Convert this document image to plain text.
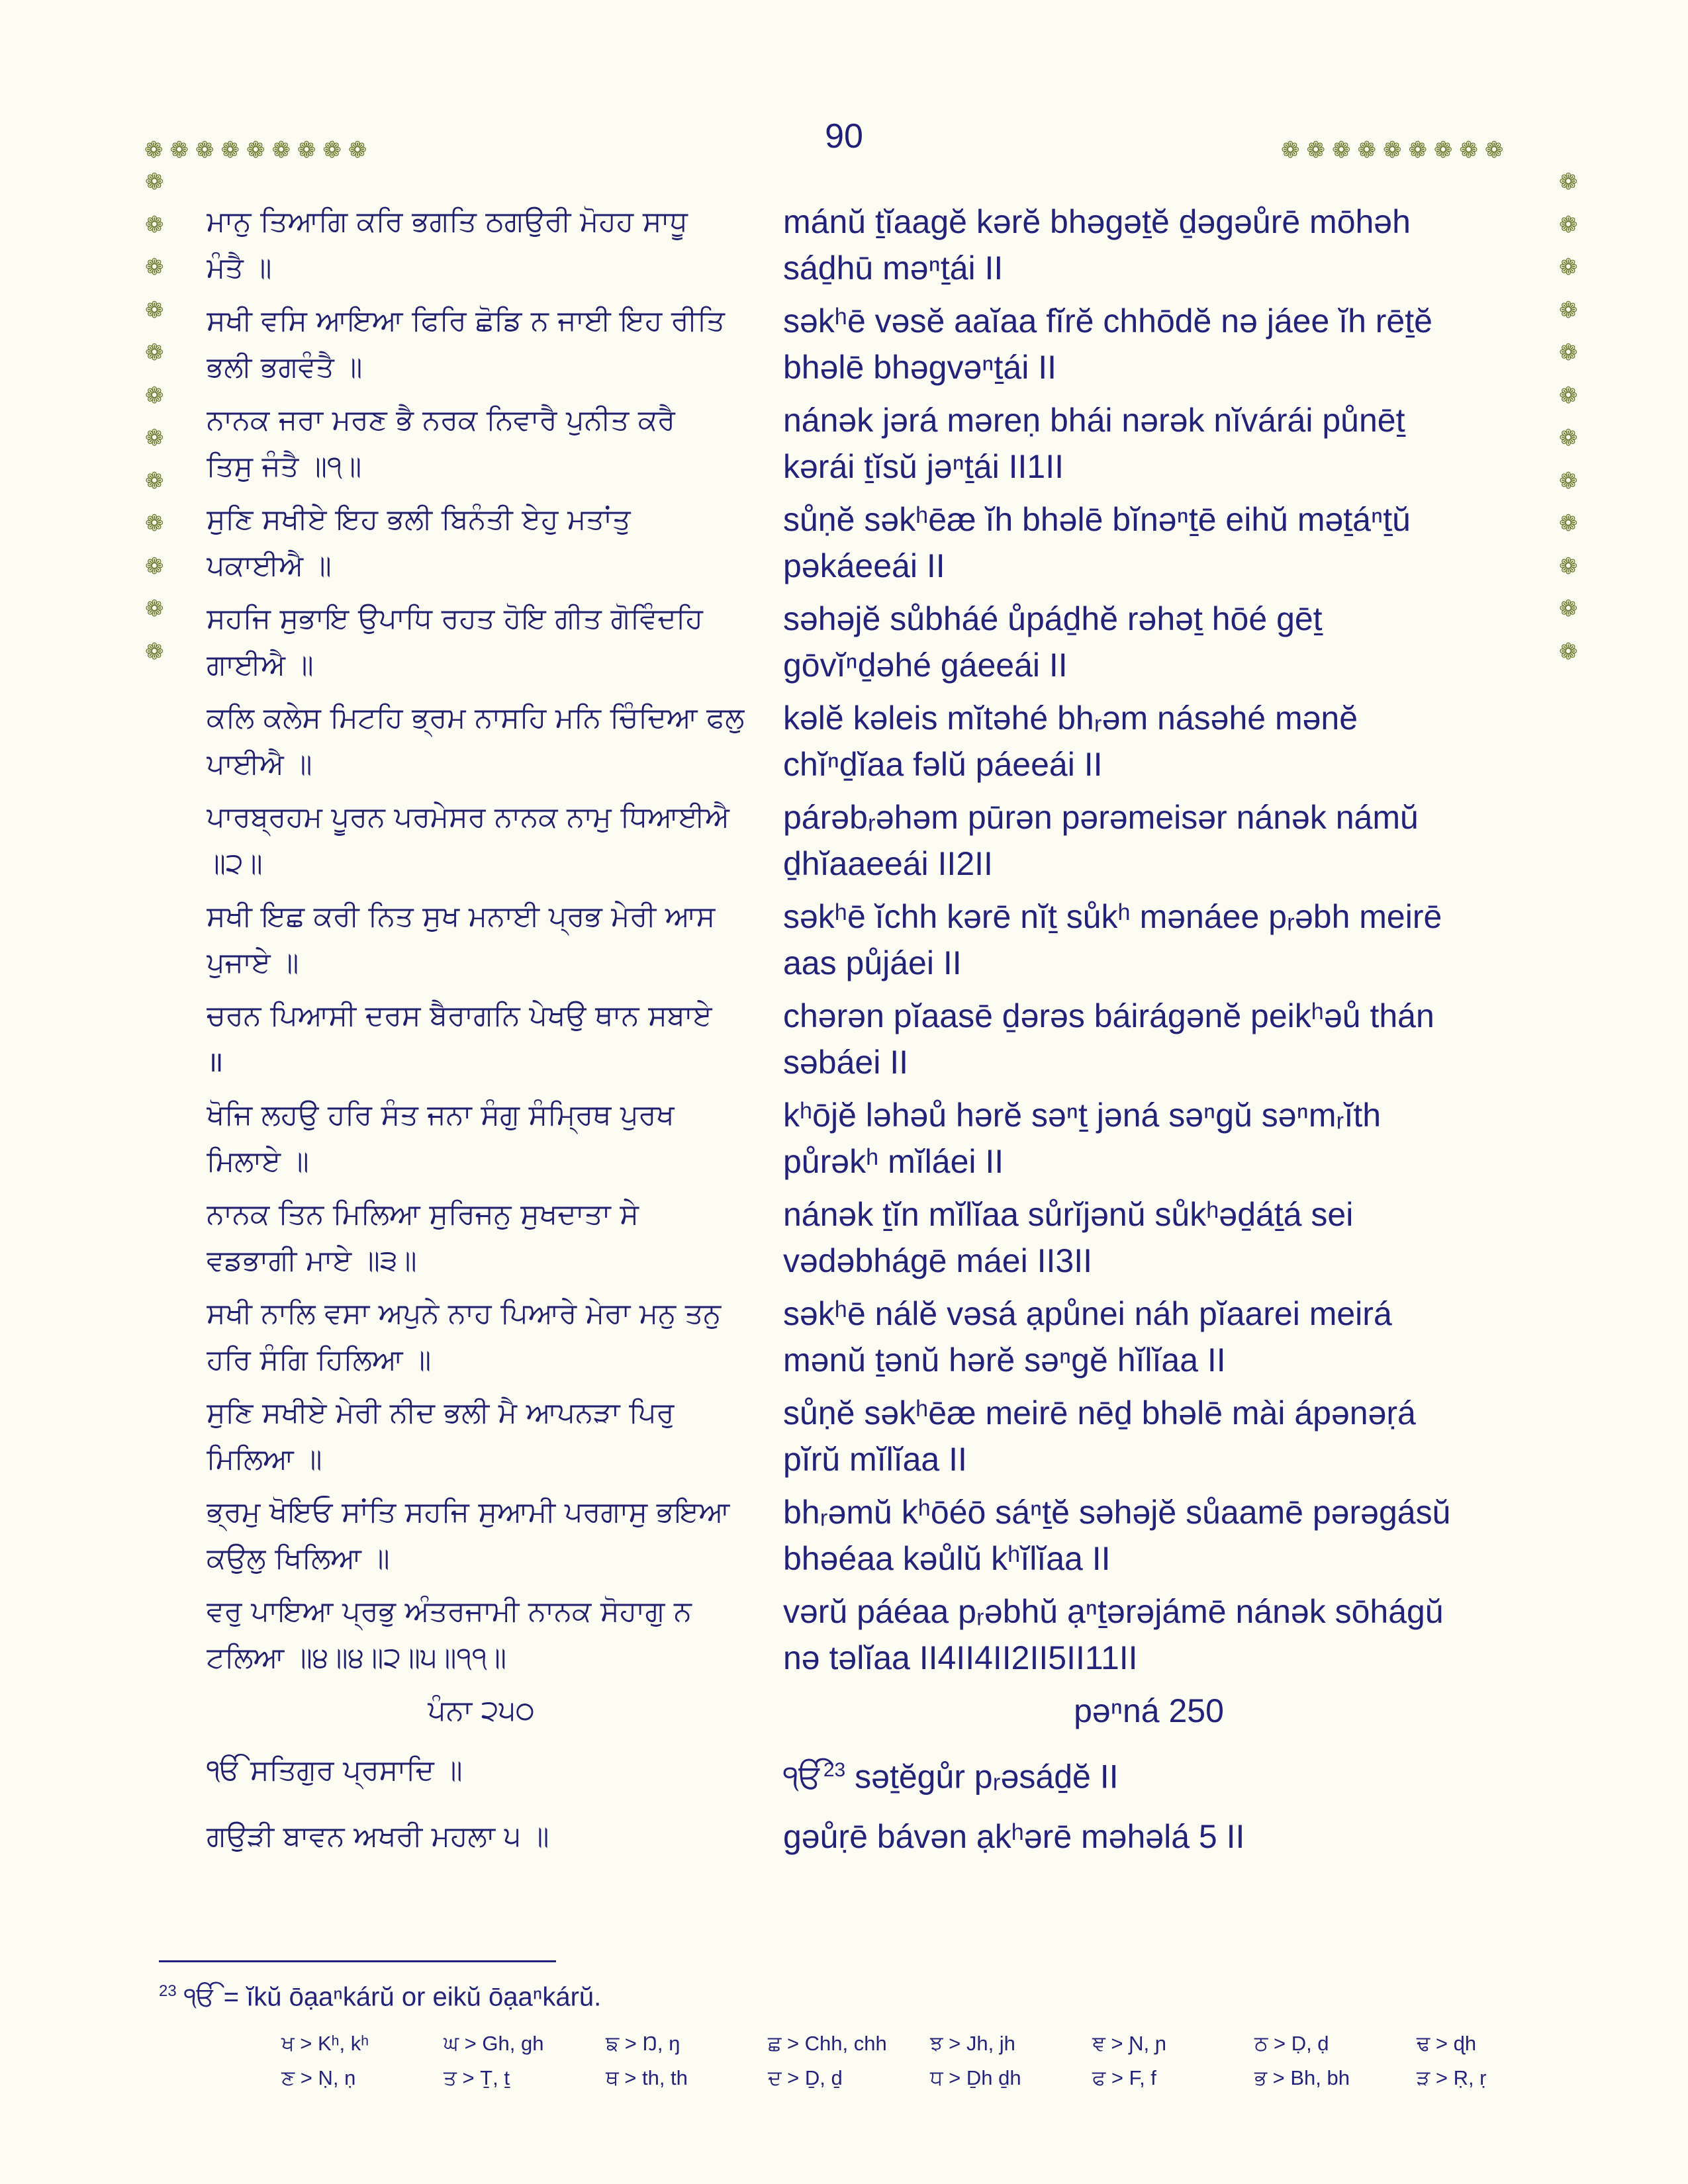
90
❁❁❁❁❁❁❁❁❁	❁❁❁❁❁❁❁❁❁
❁
❁
❁
❁
❁
❁
❁
❁
❁
❁
❁
❁
❁
❁
❁
❁
❁
❁
❁
❁
❁
❁
❁
❁
ਮਾਨੁ ਤਿਆਗਿ ਕਰਿ ਭਗਤਿ ਠਗਉਰੀ ਮੋਹਹ ਸਾਧੂ
ਮੰਤੈ ॥
ਸਖੀ ਵਸਿ ਆਇਆ ਫਿਰਿ ਛੋਡਿ ਨ ਜਾਈ ਇਹ ਰੀਤਿ
ਭਲੀ ਭਗਵੰਤੈ ॥
ਨਾਨਕ ਜਰਾ ਮਰਣ ਭੈ ਨਰਕ ਨਿਵਾਰੈ ਪੁਨੀਤ ਕਰੈ
ਤਿਸੁ ਜੰਤੈ ॥੧॥
ਸੁਣਿ ਸਖੀਏ ਇਹ ਭਲੀ ਬਿਨੰਤੀ ਏਹੁ ਮਤਾਂਤੁ
ਪਕਾਈਐ ॥
ਸਹਜਿ ਸੁਭਾਇ ਉਪਾਧਿ ਰਹਤ ਹੋਇ ਗੀਤ ਗੋਵਿੰਦਹਿ
ਗਾਈਐ ॥
ਕਲਿ ਕਲੇਸ ਮਿਟਹਿ ਭ੍ਰਮ ਨਾਸਹਿ ਮਨਿ ਚਿੰਦਿਆ ਫਲੁ
ਪਾਈਐ ॥
ਪਾਰਬ੍ਰਹਮ ਪੂਰਨ ਪਰਮੇਸਰ ਨਾਨਕ ਨਾਮੁ ਧਿਆਈਐ
॥੨॥
ਸਖੀ ਇਛ ਕਰੀ ਨਿਤ ਸੁਖ ਮਨਾਈ ਪ੍ਰਭ ਮੇਰੀ ਆਸ
ਪੁਜਾਏ ॥
ਚਰਨ ਪਿਆਸੀ ਦਰਸ ਬੈਰਾਗਨਿ ਪੇਖਉ ਥਾਨ ਸਬਾਏ
॥
ਖੋਜਿ ਲਹਉ ਹਰਿ ਸੰਤ ਜਨਾ ਸੰਗੁ ਸੰਮ੍ਰਿਥ ਪੁਰਖ
ਮਿਲਾਏ ॥
ਨਾਨਕ ਤਿਨ ਮਿਲਿਆ ਸੁਰਿਜਨੁ ਸੁਖਦਾਤਾ ਸੇ
ਵਡਭਾਗੀ ਮਾਏ ॥੩॥
ਸਖੀ ਨਾਲਿ ਵਸਾ ਅਪੁਨੇ ਨਾਹ ਪਿਆਰੇ ਮੇਰਾ ਮਨੁ ਤਨੁ
ਹਰਿ ਸੰਗਿ ਹਿਲਿਆ ॥
ਸੁਣਿ ਸਖੀਏ ਮੇਰੀ ਨੀਦ ਭਲੀ ਮੈ ਆਪਨੜਾ ਪਿਰੁ
ਮਿਲਿਆ ॥
ਭ੍ਰਮੁ ਖੋਇਓ ਸਾਂਤਿ ਸਹਜਿ ਸੁਆਮੀ ਪਰਗਾਸੁ ਭਇਆ
ਕਉਲੁ ਖਿਲਿਆ ॥
ਵਰੁ ਪਾਇਆ ਪ੍ਰਭੁ ਅੰਤਰਜਾਮੀ ਨਾਨਕ ਸੋਹਾਗੁ ਨ
ਟਲਿਆ ॥੪॥੪॥੨॥੫॥੧੧॥
ਪੰਨਾ ੨੫੦
ੴ ਸਤਿਗੁਰ ਪ੍ਰਸਾਦਿ ॥
ਗਉੜੀ ਬਾਵਨ ਅਖਰੀ ਮਹਲਾ ੫ ॥
mánŭ ṯĭaagĕ kərĕ bhəgəṯĕ ḏəgəůrē mōhəh
sáḏhū məⁿṯái II
səkʰē vəsĕ aaĭaa fĭrĕ chhōdĕ nə jáee ĭh rēṯĕ
bhəlē bhəgvəⁿṯái II
nánək jərá məreṇ bhái nərək nĭvárái půnēṯ
kərái ṯĭsŭ jəⁿṯái II1II
sůṇĕ səkʰēæ ĭh bhəlē bĭnəⁿṯē eihŭ məṯáⁿṯŭ
pəkáeeái II
səhəjĕ sůbháé ůpáḏhĕ rəhəṯ hōé gēṯ
gōvĭⁿḏəhé gáeeái II
kəlĕ kəleis mĭtəhé bhᵣəm násəhé mənĕ
chĭⁿḏĭaa fəlŭ páeeái II
párəbᵣəhəm pūrən pərəmeisər nánək námŭ
ḏhĭaaeeái II2II
səkʰē ĭchh kərē nĭṯ sůkʰ mənáee pᵣəbh meirē
aas půjáei II
chərən pĭaasē ḏərəs báirágənĕ peikʰəů thán
səbáei II
kʰōjĕ ləhəů hərĕ səⁿṯ jəná səⁿgŭ səⁿmᵣĭth
půrəkʰ mĭláei II
nánək ṯĭn mĭlĭaa sůrĭjənŭ sůkʰəḏáṯá sei
vədəbhágē máei II3II
səkʰē nálĕ vəsá ạpůnei náh pĭaarei meirá
mənŭ ṯənŭ hərĕ səⁿgĕ hĭlĭaa II
sůṇĕ səkʰēæ meirē nēḏ bhəlē mài ápənəṛá
pĭrŭ mĭlĭaa II
bhᵣəmŭ kʰōéō sáⁿṯĕ səhəjĕ sůaamē pərəgásŭ
bhəéaa kəůlŭ kʰĭlĭaa II
vərŭ páéaa pᵣəbhŭ ạⁿṯərəjámē nánək sōhágŭ
nə təlĭaa II4II4II2II5II11II
pəⁿná 250
ੴ$^{23}$ səṯĕgůr pᵣəsáḏĕ II
gəůṛē bávən ạkʰərē məhəlá 5 II
$^{23}$ ੴ = ĭkŭ ōạaⁿkárŭ or eikŭ ōạaⁿkárŭ.
ਖ > Kʰ, kʰ	ਘ > Gh, gh	ਙ > Ŋ, ŋ	ਛ > Chh, chh	ਝ > Jh, jh	ਞ > Ɲ, ɲ	ਠ > Ḍ, ḍ	ਢ > ɖh
ਣ > Ṇ, ṇ	ਤ > Ṯ, ṯ	ਥ > th, th	ਦ > Ḏ, ḏ	ਧ > Ḏh ḏh	ਫ > F, f	ਭ > Bh, bh	ੜ > Ṛ, ṛ
